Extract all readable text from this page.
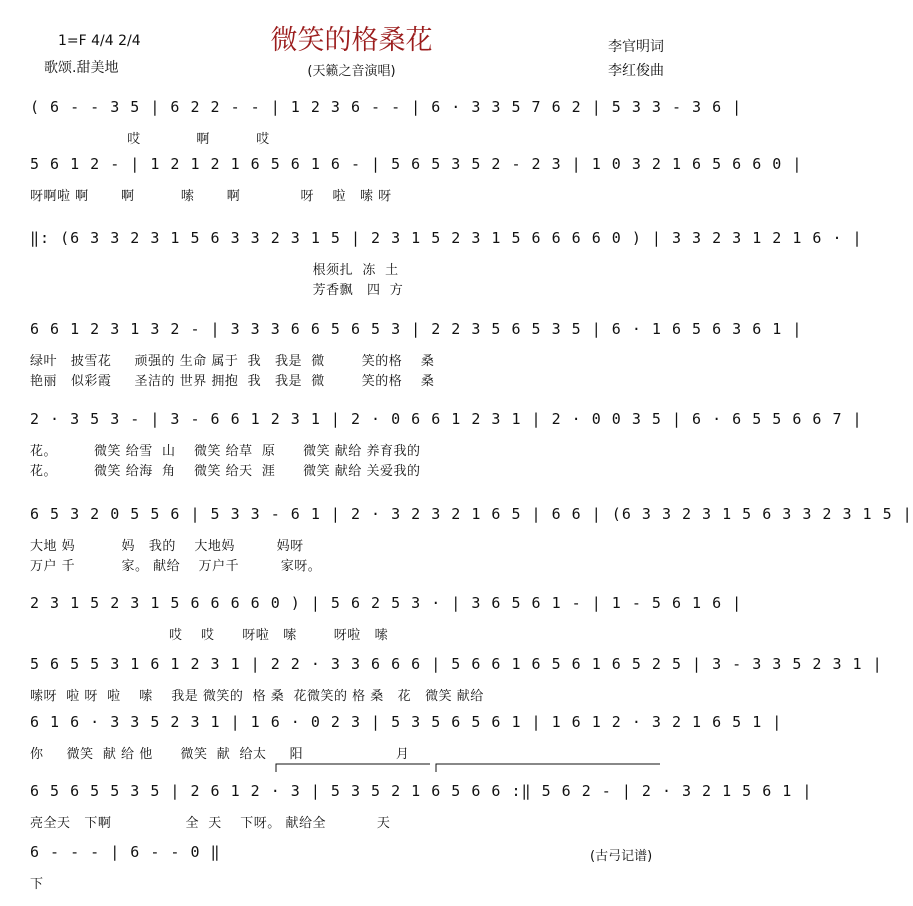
微笑的格桑花
1=F 4/4 2/4
歌颂.甜美地	(天籁之音演唱)
李官明词
李红俊曲
( 6 - - 3 5 | 6 2 2 - - | 1 2 3 6 - - | 6 · 3 3 5 7 6 2 | 5 3 3 - 3 6 |
哎            啊          哎
5 6 1 2 - | 1 2 1 2 1 6 5 6 1 6 - | 5 6 5 3 5 2 - 2 3 | 1 0 3 2 1 6 5 6 6 0 |
呀啊啦 啊       啊          嗦       啊             呀    啦   嗦 呀
‖: (6 3 3 2 3 1 5 6 3 3 2 3 1 5 | 2 3 1 5 2 3 1 5 6 6 6 6 0 ) | 3 3 2 3 1 2 1 6 · |
根须扎  冻  土
芳香飘   四  方
6 6 1 2 3 1 3 2 - | 3 3 3 6 6 5 6 5 3 | 2 2 3 5 6 5 3 5 | 6 · 1 6 5 6 3 6 1 |
绿叶   披雪花     顽强的 生命 属于  我   我是  微        笑的格    桑
艳丽   似彩霞     圣洁的 世界 拥抱  我   我是  微        笑的格    桑
2 · 3 5 3 - | 3 - 6 6 1 2 3 1 | 2 · 0 6 6 1 2 3 1 | 2 · 0 0 3 5 | 6 · 6 5 5 6 6 7 |
花。        微笑 给雪  山    微笑 给草  原      微笑 献给 养育我的
花。        微笑 给海  角    微笑 给天  涯      微笑 献给 关爱我的
6 5 3 2 0 5 5 6 | 5 3 3 - 6 1 | 2 · 3 2 3 2 1 6 5 | 6 6 | (6 3 3 2 3 1 5 6 3 3 2 3 1 5 |
大地 妈          妈   我的    大地妈         妈呀
万户 千          家。 献给    万户千         家呀。
2 3 1 5 2 3 1 5 6 6 6 6 0 ) | 5 6 2 5 3 · | 3 6 5 6 1 - | 1 - 5 6 1 6 |
哎    哎      呀啦   嗦        呀啦   嗦
5 6 5 5 3 1 6 1 2 3 1 | 2 2 · 3 3 6 6 6 | 5 6 6 1 6 5 6 1 6 5 2 5 | 3 - 3 3 5 2 3 1 |
嗦呀  啦 呀  啦    嗦    我是 微笑的  格 桑  花微笑的 格 桑   花   微笑 献给
6 1 6 · 3 3 5 2 3 1 | 1 6 · 0 2 3 | 5 3 5 6 5 6 1 | 1 6 1 2 · 3 2 1 6 5 1 |
你     微笑  献 给 他      微笑  献  给太     阳                    月
6 5 6 5 5 3 5 | 2 6 1 2 · 3 | 5 3 5 2 1 6 5 6 6 :‖ 5 6 2 - | 2 · 3 2 1 5 6 1 |
亮全天   下啊                全  天    下呀。 献给全           天
6 - - - | 6 - - 0 ‖
下
(古弓记谱)
